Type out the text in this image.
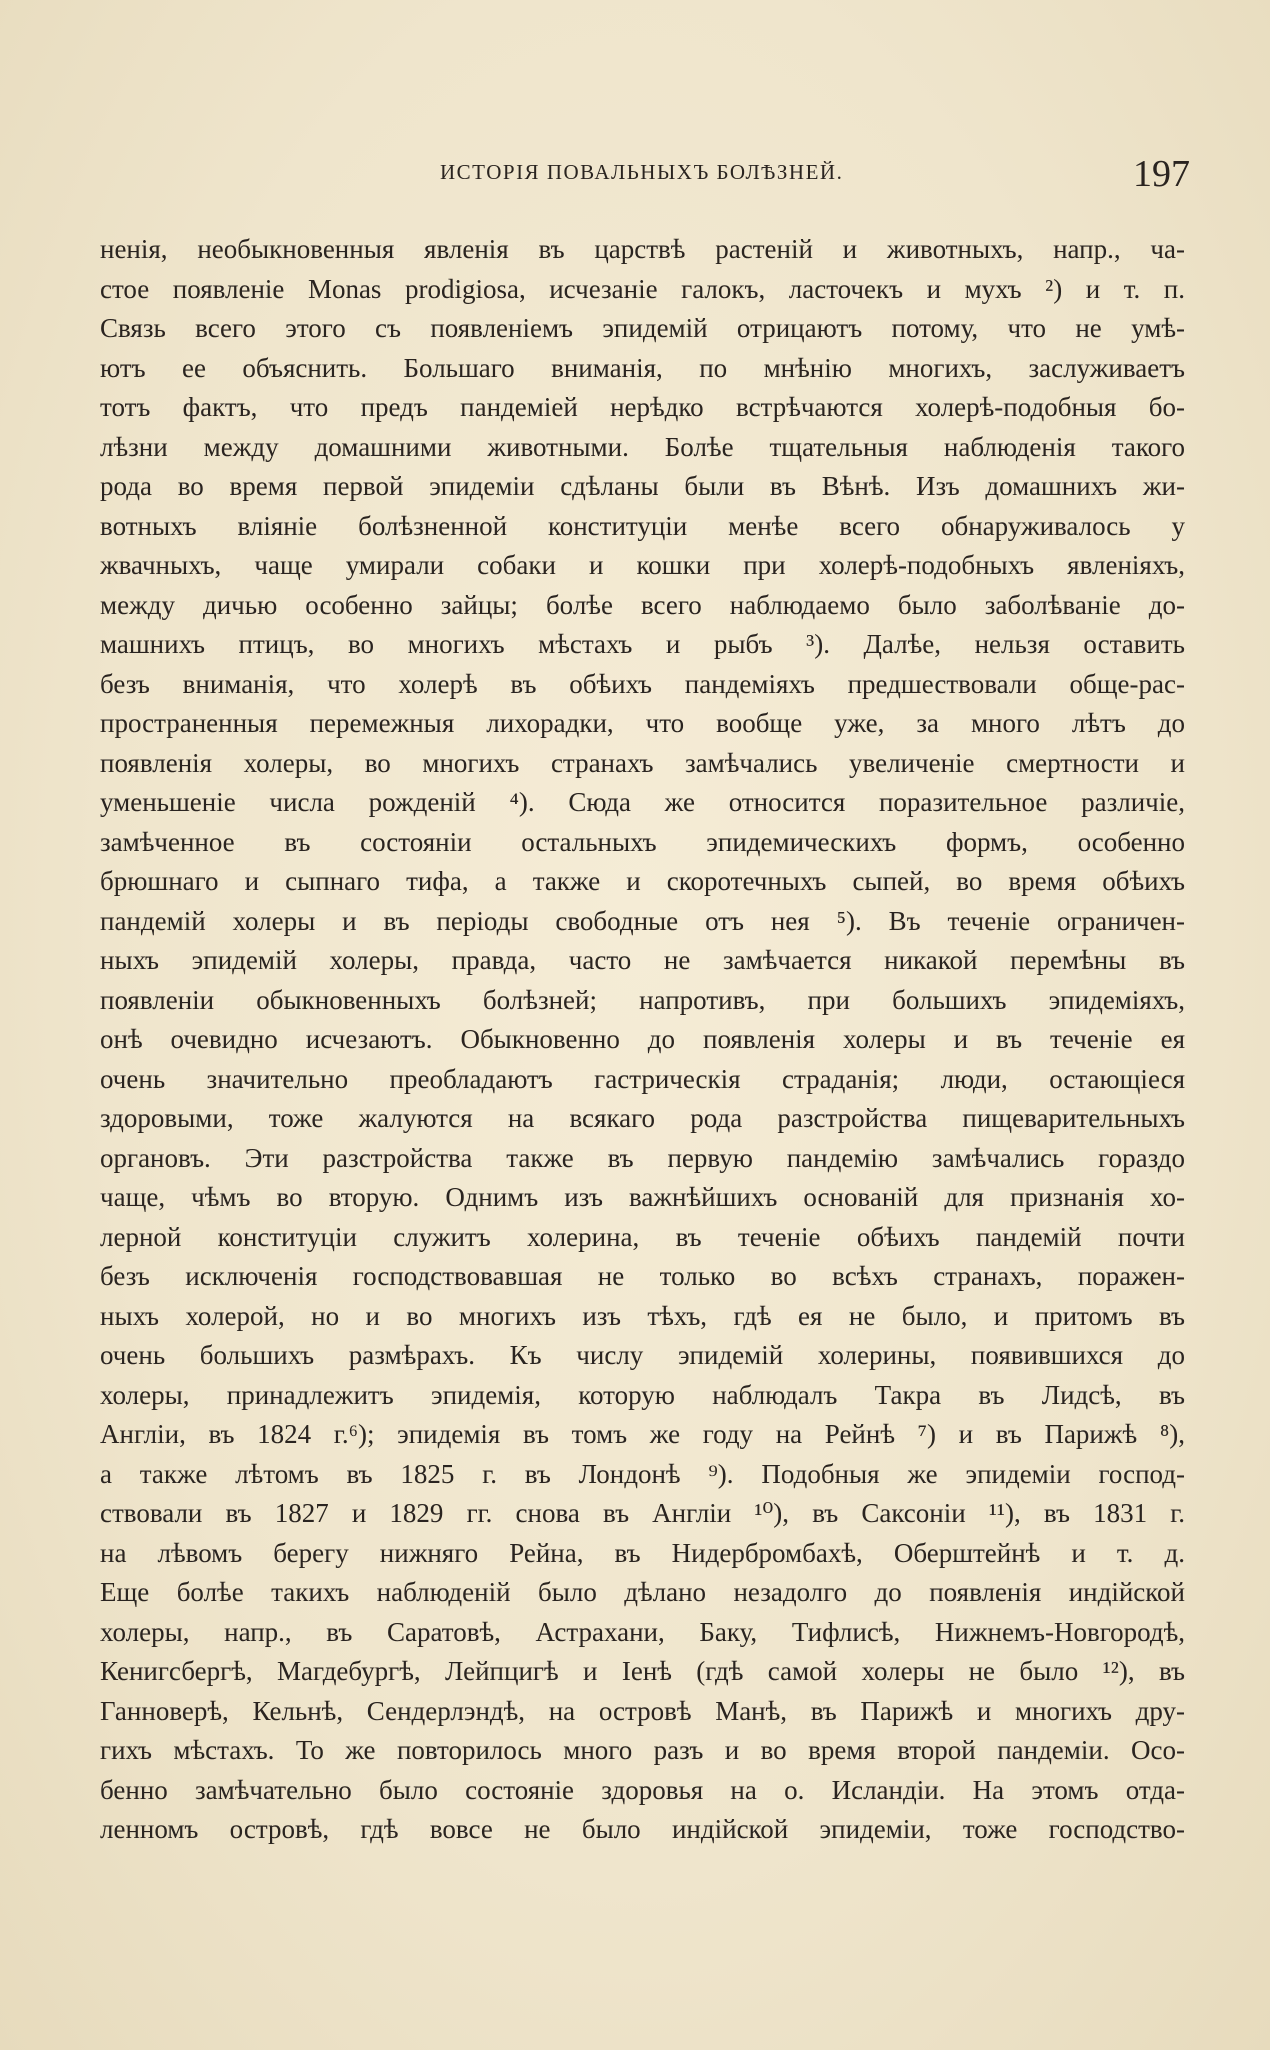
ИСТОРІЯ ПОВАЛЬНЫХЪ БОЛѢЗНЕЙ.	197
ненія, необыкновенныя явленія въ царствѣ растеній и животныхъ, напр., ча-
стое появленіе Monas prodigiosa, исчезаніе галокъ, ласточекъ и мухъ ²) и т. п.
Связь всего этого съ появленіемъ эпидемій отрицаютъ потому, что не умѣ-
ютъ ее объяснить. Большаго вниманія, по мнѣнію многихъ, заслуживаетъ
тотъ фактъ, что предъ пандеміей нерѣдко встрѣчаются холерѣ-подобныя бо-
лѣзни между домашними животными. Болѣе тщательныя наблюденія такого
рода во время первой эпидеміи сдѣланы были въ Вѣнѣ. Изъ домашнихъ жи-
вотныхъ вліяніе болѣзненной конституціи менѣе всего обнаруживалось у
жвачныхъ, чаще умирали собаки и кошки при холерѣ-подобныхъ явленіяхъ,
между дичью особенно зайцы; болѣе всего наблюдаемо было заболѣваніе до-
машнихъ птицъ, во многихъ мѣстахъ и рыбъ ³). Далѣе, нельзя оставить
безъ вниманія, что холерѣ въ обѣихъ пандеміяхъ предшествовали обще-рас-
пространенныя перемежныя лихорадки, что вообще уже, за много лѣтъ до
появленія холеры, во многихъ странахъ замѣчались увеличеніе смертности и
уменьшеніе числа рожденій ⁴). Сюда же относится поразительное различіе,
замѣченное въ состояніи остальныхъ эпидемическихъ формъ, особенно
брюшнаго и сыпнаго тифа, а также и скоротечныхъ сыпей, во время обѣихъ
пандемій холеры и въ періоды свободные отъ нея ⁵). Въ теченіе ограничен-
ныхъ эпидемій холеры, правда, часто не замѣчается никакой перемѣны въ
появленіи обыкновенныхъ болѣзней; напротивъ, при большихъ эпидеміяхъ,
онѣ очевидно исчезаютъ. Обыкновенно до появленія холеры и въ теченіе ея
очень значительно преобладаютъ гастрическія страданія; люди, остающіеся
здоровыми, тоже жалуются на всякаго рода разстройства пищеварительныхъ
органовъ. Эти разстройства также въ первую пандемію замѣчались гораздо
чаще, чѣмъ во вторую. Однимъ изъ важнѣйшихъ основаній для признанія хо-
лерной конституціи служитъ холерина, въ теченіе обѣихъ пандемій почти
безъ исключенія господствовавшая не только во всѣхъ странахъ, поражен-
ныхъ холерой, но и во многихъ изъ тѣхъ, гдѣ ея не было, и притомъ въ
очень большихъ размѣрахъ. Къ числу эпидемій холерины, появившихся до
холеры, принадлежитъ эпидемія, которую наблюдалъ Такра въ Лидсѣ, въ
Англіи, въ 1824 г.⁶); эпидемія въ томъ же году на Рейнѣ ⁷) и въ Парижѣ ⁸),
а также лѣтомъ въ 1825 г. въ Лондонѣ ⁹). Подобныя же эпидеміи господ-
ствовали въ 1827 и 1829 гг. снова въ Англіи ¹⁰), въ Саксоніи ¹¹), въ 1831 г.
на лѣвомъ берегу нижняго Рейна, въ Нидербромбахѣ, Оберштейнѣ и т. д.
Еще болѣе такихъ наблюденій было дѣлано незадолго до появленія индійской
холеры, напр., въ Саратовѣ, Астрахани, Баку, Тифлисѣ, Нижнемъ-Новгородѣ,
Кенигсбергѣ, Магдебургѣ, Лейпцигѣ и Іенѣ (гдѣ самой холеры не было ¹²), въ
Ганноверѣ, Кельнѣ, Сендерлэндѣ, на островѣ Манѣ, въ Парижѣ и многихъ дру-
гихъ мѣстахъ. То же повторилось много разъ и во время второй пандеміи. Осо-
бенно замѣчательно было состояніе здоровья на о. Исландіи. На этомъ отда-
ленномъ островѣ, гдѣ вовсе не было индійской эпидеміи, тоже господство-
